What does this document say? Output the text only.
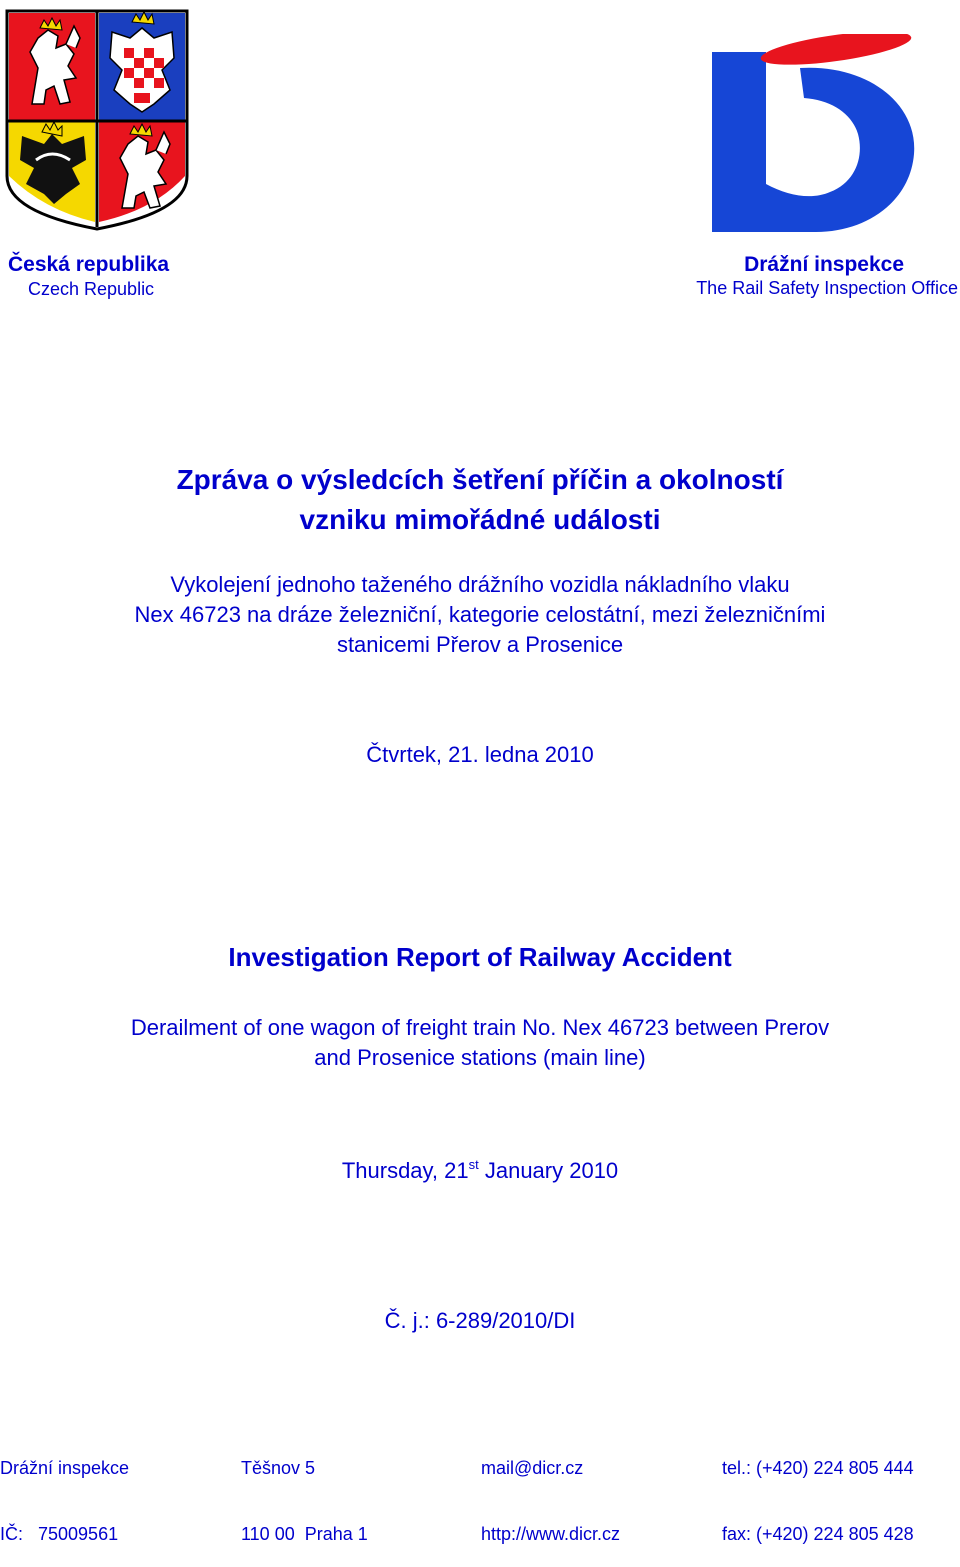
Česká republika
Czech Republic
Drážní inspekce
The Rail Safety Inspection Office
Zpráva o výsledcích šetření příčin a okolností
vzniku mimořádné události
Vykolejení jednoho taženého drážního vozidla nákladního vlaku
Nex 46723 na dráze železniční, kategorie celostátní, mezi železničními
stanicemi Přerov a Prosenice
Čtvrtek, 21. ledna 2010
Investigation Report of Railway Accident
Derailment of one wagon of freight train No. Nex 46723 between Prerov
and Prosenice stations (main line)
Thursday, 21st January 2010
Č. j.: 6-289/2010/DI

Drážní inspekce

IČ:   75009561

Těšnov 5

110 00  Praha 1

mail@dicr.cz

http://www.dicr.cz

tel.: (+420) 224 805 444

fax: (+420) 224 805 428
